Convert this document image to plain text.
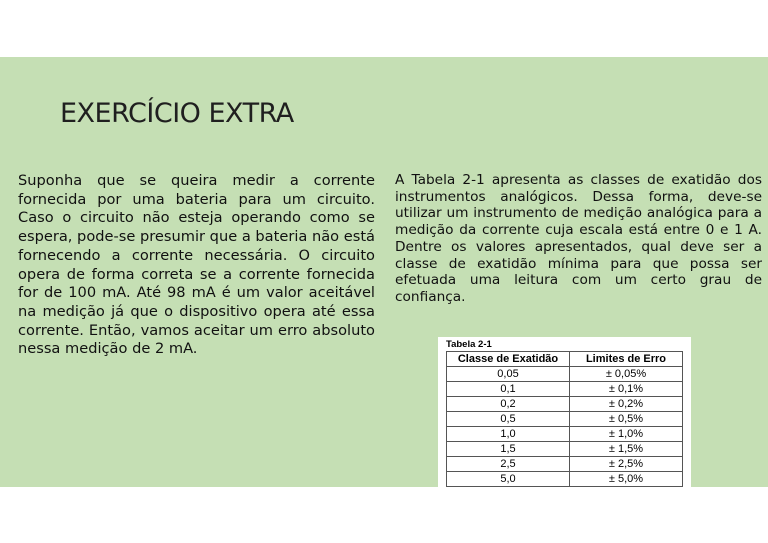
EXERCÍCIO EXTRA

Suponha que se queira medir a corrente fornecida por uma bateria para um circuito. Caso o circuito não esteja operando como se espera, pode-se presumir que a bateria não está fornecendo a corrente necessária. O circuito opera de forma correta se a corrente fornecida for de 100 mA. Até 98 mA é um valor aceitável na medição já que o dispositivo opera até essa corrente. Então, vamos aceitar um erro absoluto nessa medição de 2 mA.

A Tabela 2-1 apresenta as classes de exatidão dos instrumentos analógicos. Dessa forma, deve-se utilizar um instrumento de medição analógica para a medição da corrente cuja escala está entre 0 e 1 A. Dentre os valores apresentados, qual deve ser a classe de exatidão mínima para que possa ser efetuada uma leitura com um certo grau de confiança.

Tabela 2-1
Classe de Exatidão	Limites de Erro
0,05	± 0,05%
0,1	± 0,1%
0,2	± 0,2%
0,5	± 0,5%
1,0	± 1,0%
1,5	± 1,5%
2,5	± 2,5%
5,0	± 5,0%
